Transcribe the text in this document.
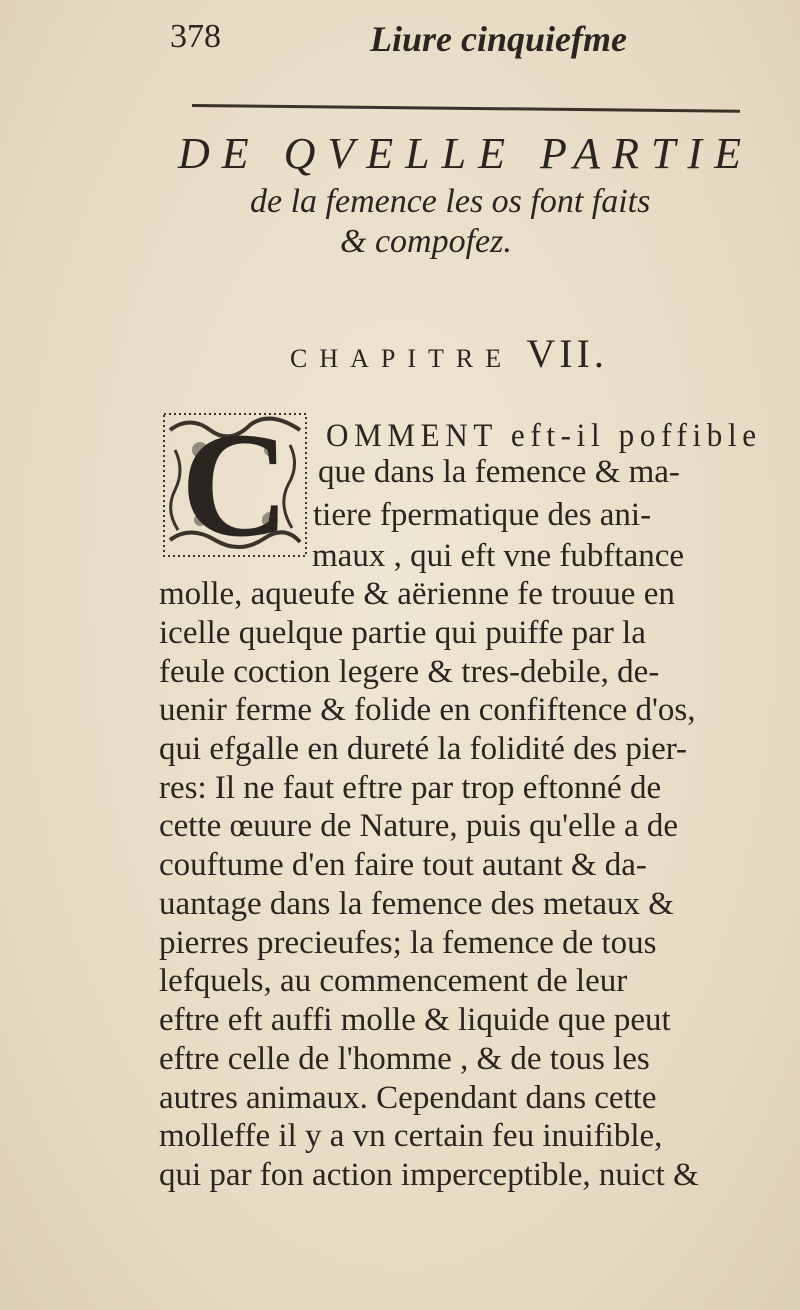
378	Liure cinquiefme
DE QVELLE PARTIE
de la femence les os font faits
& compofez.
CHAPITRE VII.
C	OMMENT eft-il poffible
que dans la femence & ma-
tiere fpermatique des ani-
maux , qui eft vne fubftance
molle, aqueufe & aërienne fe trouue en
icelle quelque partie qui puiffe par la
feule coction legere & tres-debile, de-
uenir ferme & folide en confiftence d'os,
qui efgalle en dureté la folidité des pier-
res: Il ne faut eftre par trop eftonné de
cette œuure de Nature, puis qu'elle a de
couftume d'en faire tout autant & da-
uantage dans la femence des metaux &
pierres precieufes; la femence de tous
lefquels, au commencement de leur
eftre eft auffi molle & liquide que peut
eftre celle de l'homme , & de tous les
autres animaux. Cependant dans cette
molleffe il y a vn certain feu inuifible,
qui par fon action imperceptible, nuict &
